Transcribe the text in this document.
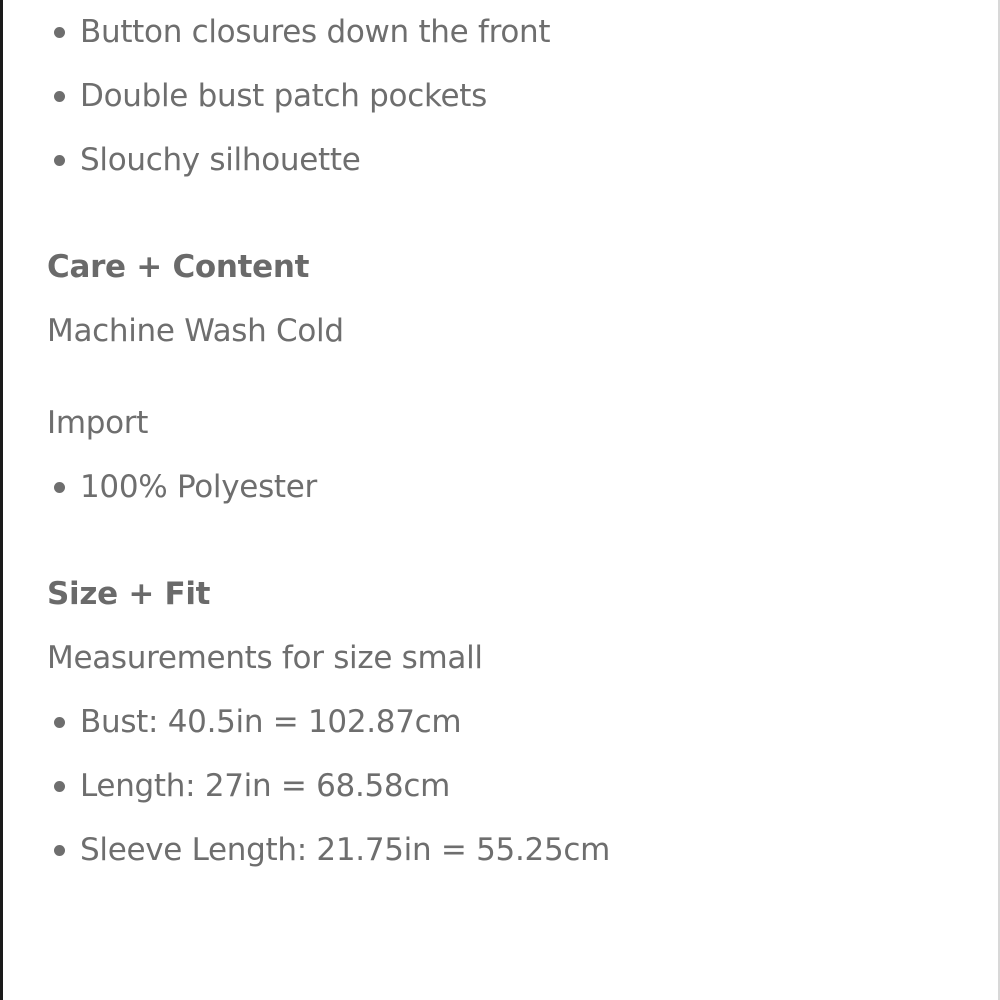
Button closures down the front
Double bust patch pockets
Slouchy silhouette
Care + Content
Machine Wash Cold
Import
100% Polyester
Size + Fit
Measurements for size small
Bust: 40.5in = 102.87cm
Length: 27in = 68.58cm
Sleeve Length: 21.75in = 55.25cm
